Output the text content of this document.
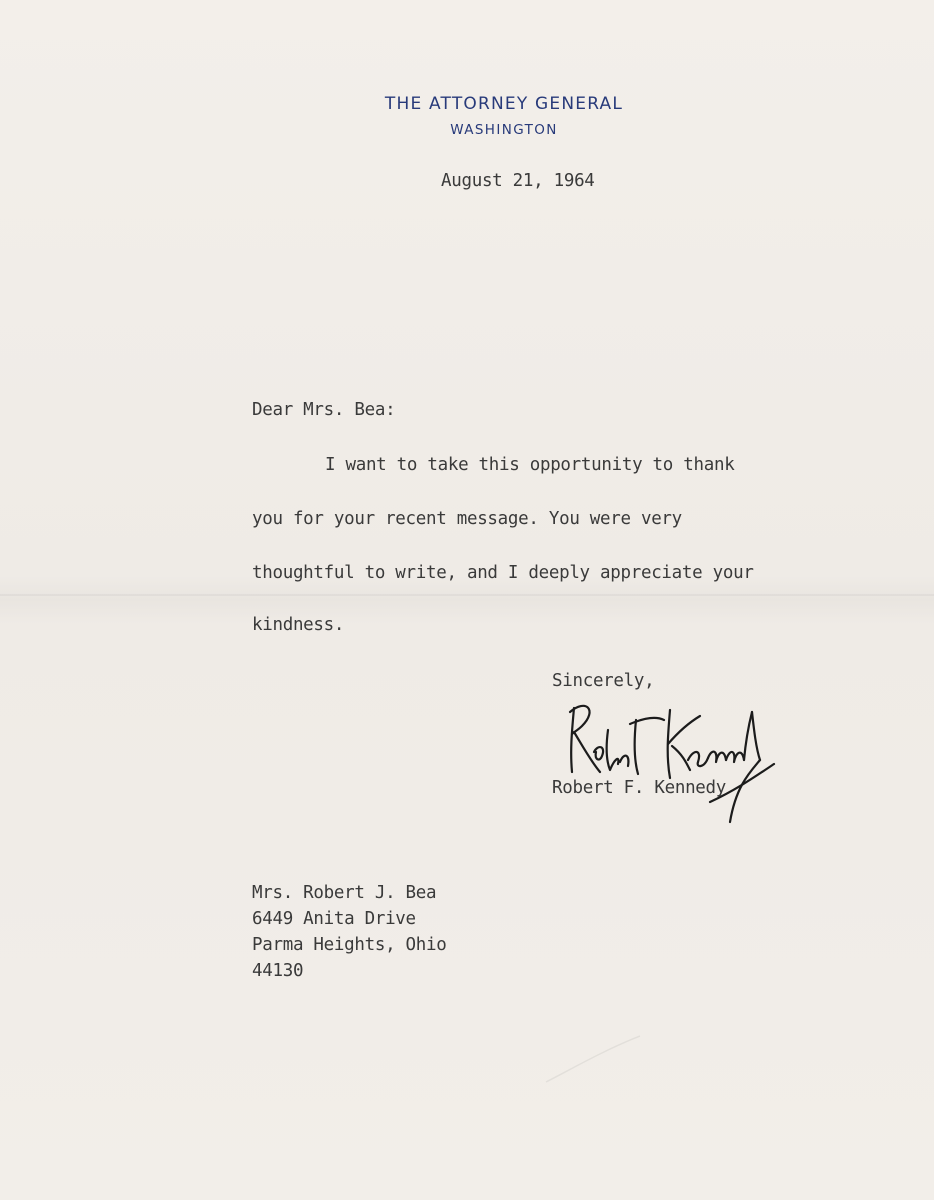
THE ATTORNEY GENERAL
WASHINGTON
August 21, 1964
Dear Mrs. Bea:
I want to take this opportunity to thank
you for your recent message. You were very
thoughtful to write, and I deeply appreciate your
kindness.
Sincerely,
Robert F. Kennedy
Mrs. Robert J. Bea
6449 Anita Drive
Parma Heights, Ohio
44130
